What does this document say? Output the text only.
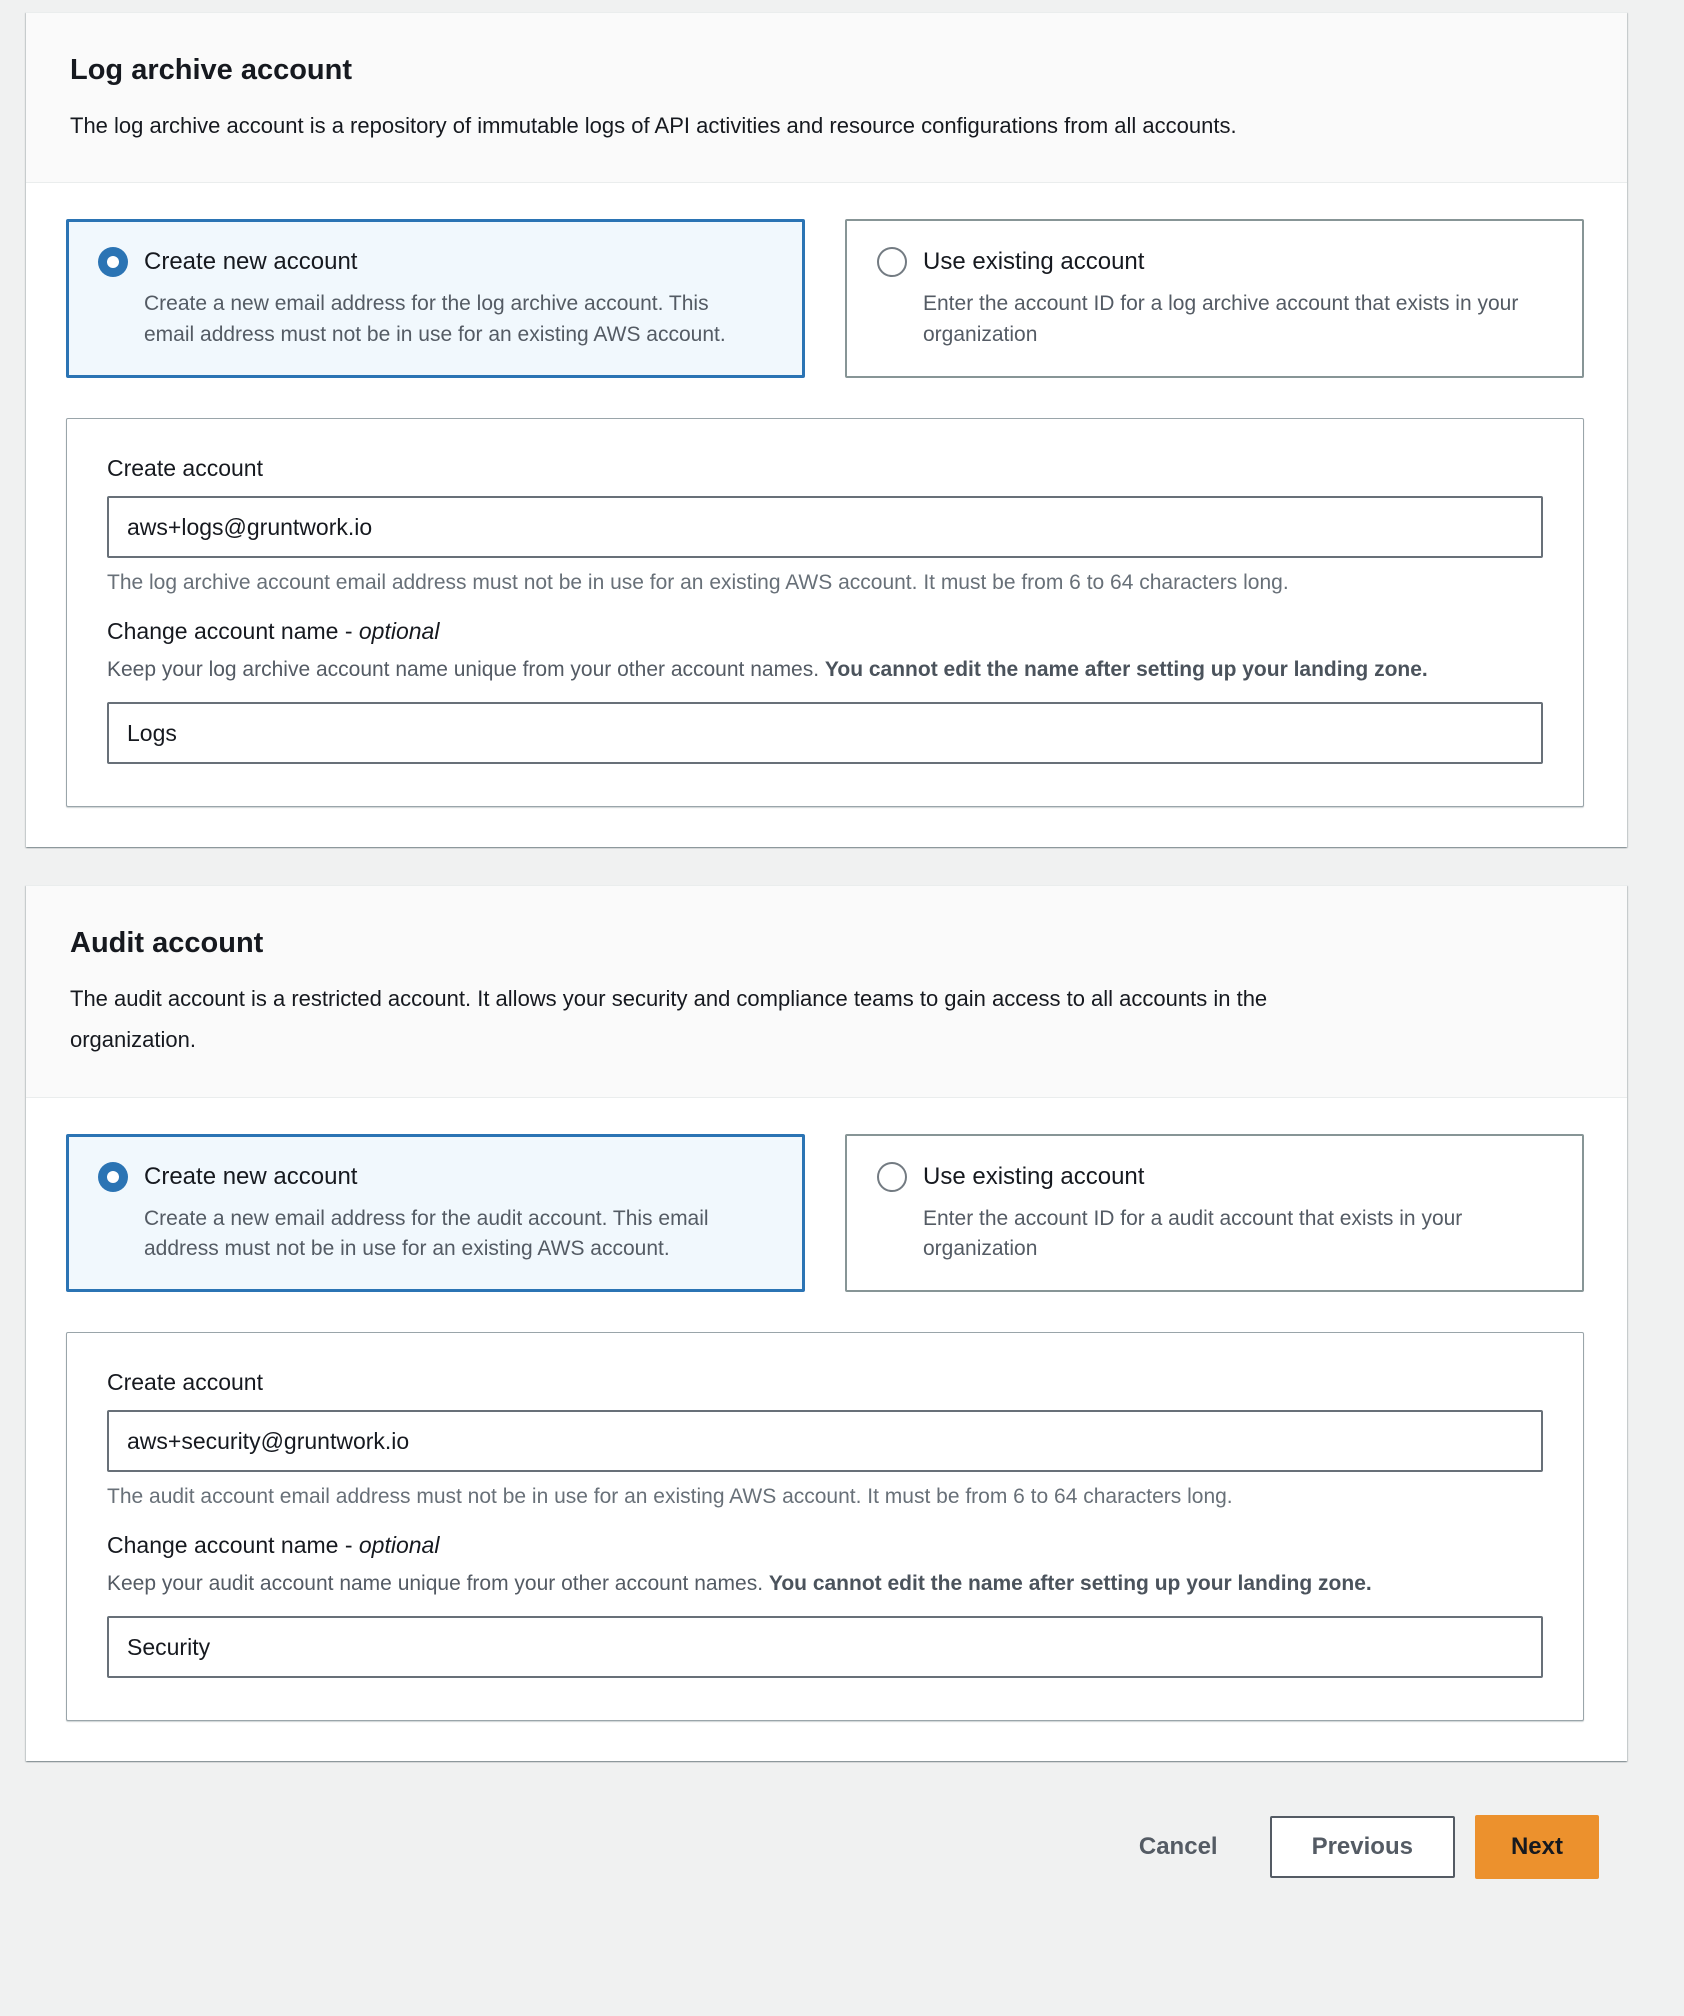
Log archive account
The log archive account is a repository of immutable logs of API activities and resource configurations from all accounts.
Create new account
Create a new email address for the log archive account. This email address must not be in use for an existing AWS account.
Use existing account
Enter the account ID for a log archive account that exists in your organization
Create account
aws+logs@gruntwork.io
The log archive account email address must not be in use for an existing AWS account. It must be from 6 to 64 characters long.
Change account name - optional
Keep your log archive account name unique from your other account names. You cannot edit the name after setting up your landing zone.
Logs
Audit account
The audit account is a restricted account. It allows your security and compliance teams to gain access to all accounts in the organization.
Create new account
Create a new email address for the audit account. This email address must not be in use for an existing AWS account.
Use existing account
Enter the account ID for a audit account that exists in your organization
Create account
aws+security@gruntwork.io
The audit account email address must not be in use for an existing AWS account. It must be from 6 to 64 characters long.
Change account name - optional
Keep your audit account name unique from your other account names. You cannot edit the name after setting up your landing zone.
Security
Cancel	Previous	Next
